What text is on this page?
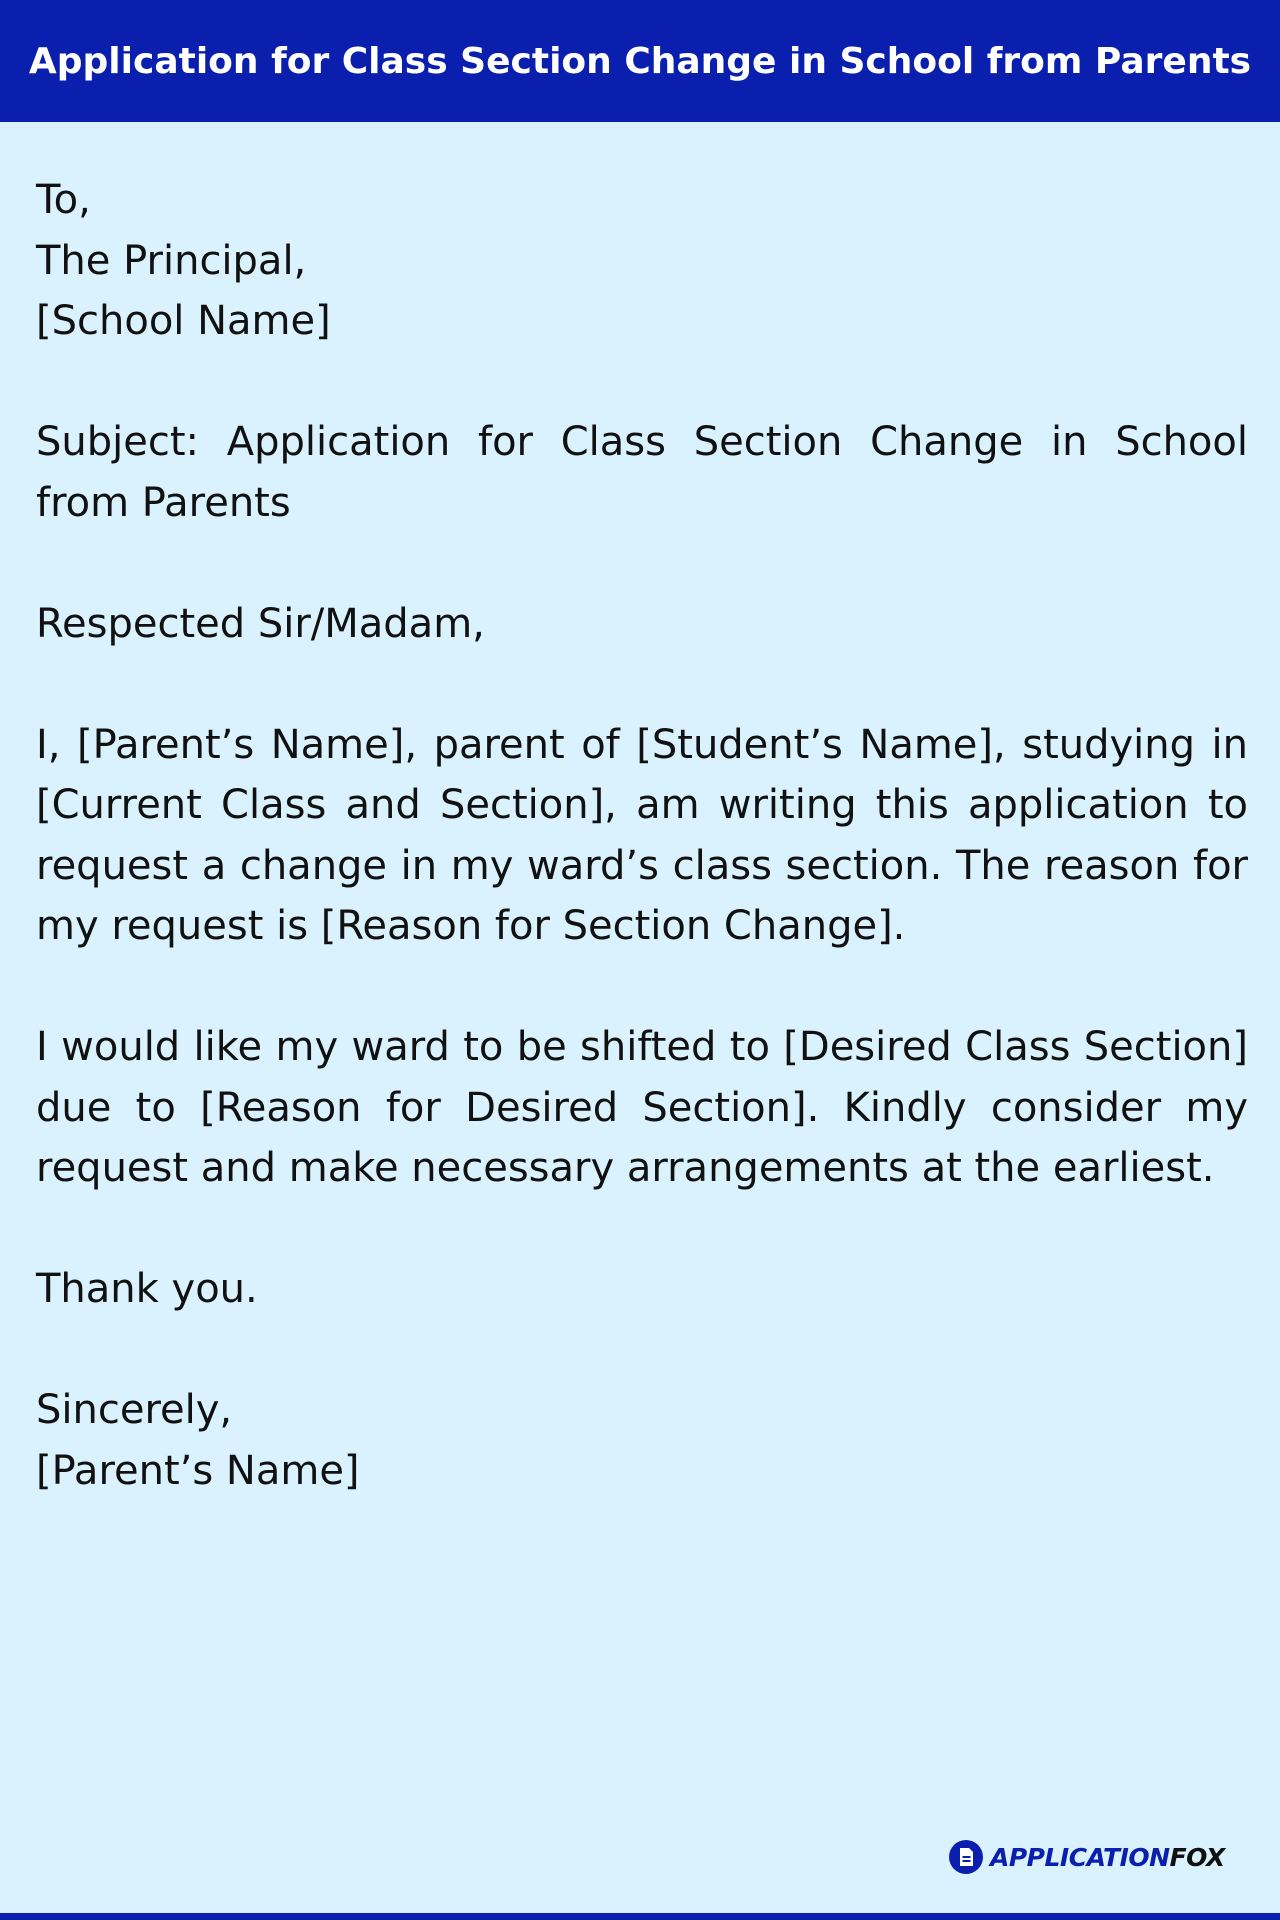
Application for Class Section Change in School from Parents
To,
The Principal,
[School Name]
Subject: Application for Class Section Change in School from Parents
Respected Sir/Madam,
I, [Parent’s Name], parent of [Student’s Name], studying in [Current Class and Section], am writing this application to request a change in my ward’s class section. The reason for my request is [Reason for Section Change].
I would like my ward to be shifted to [Desired Class Section] due to [Reason for Desired Section]. Kindly consider my request and make necessary arrangements at the earliest.
Thank you.
Sincerely,
[Parent’s Name]
APPLICATIONFOX
